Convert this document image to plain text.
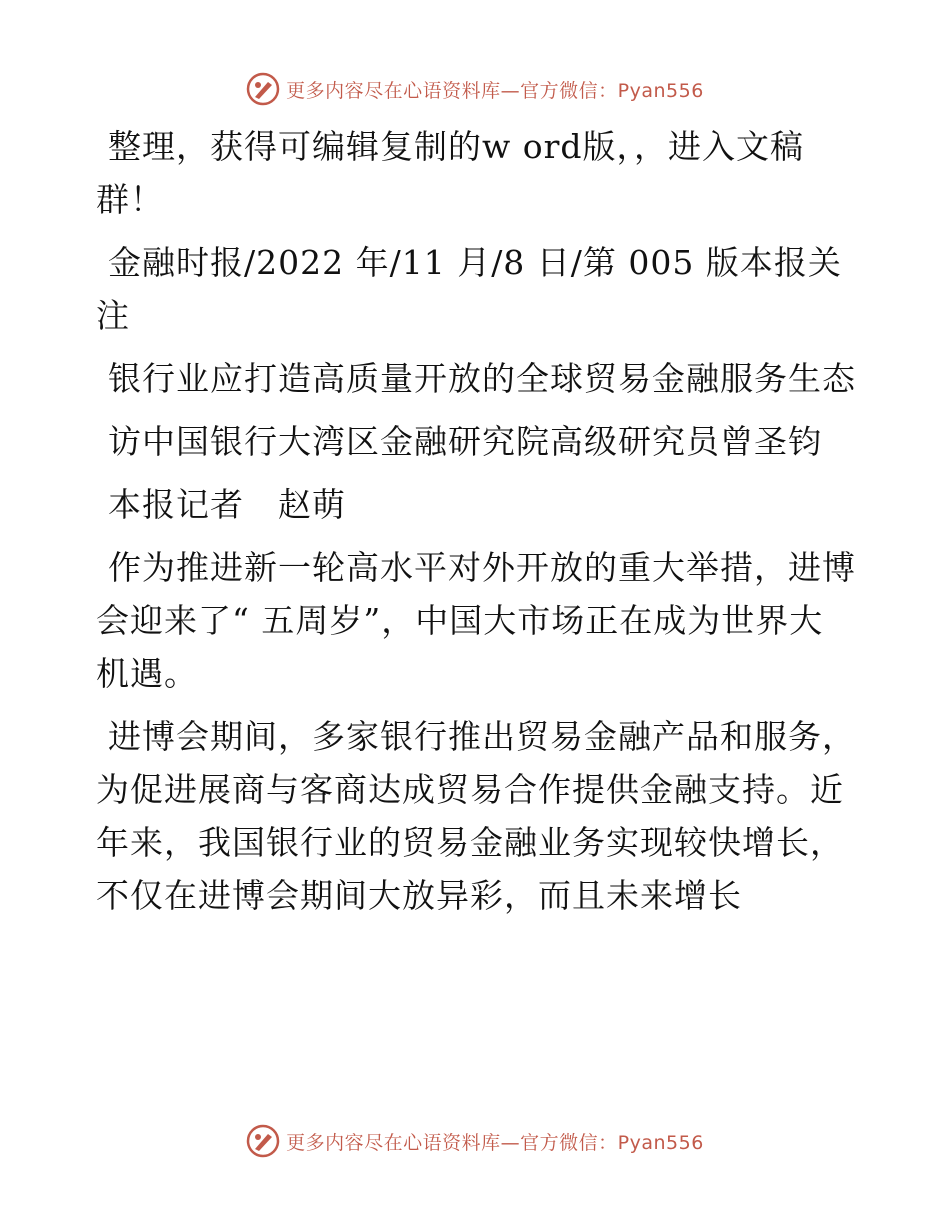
更多内容尽在心语资料库—官方微信：Pyan556

整理，获得可编辑复制的w ord版，，进入文稿群！

金融时报/2022 年/11 月/8 日/第 005 版本报关注

银行业应打造高质量开放的全球贸易金融服务生态

访中国银行大湾区金融研究院高级研究员曾圣钧

本报记者　赵萌

作为推进新一轮高水平对外开放的重大举措，进博会迎来了“ 五周岁”，中国大市场正在成为世界大机遇。

进博会期间，多家银行推出贸易金融产品和服务，为促进展商与客商达成贸易合作提供金融支持。近年来，我国银行业的贸易金融业务实现较快增长，不仅在进博会期间大放异彩，而且未来增长

更多内容尽在心语资料库—官方微信：Pyan556
